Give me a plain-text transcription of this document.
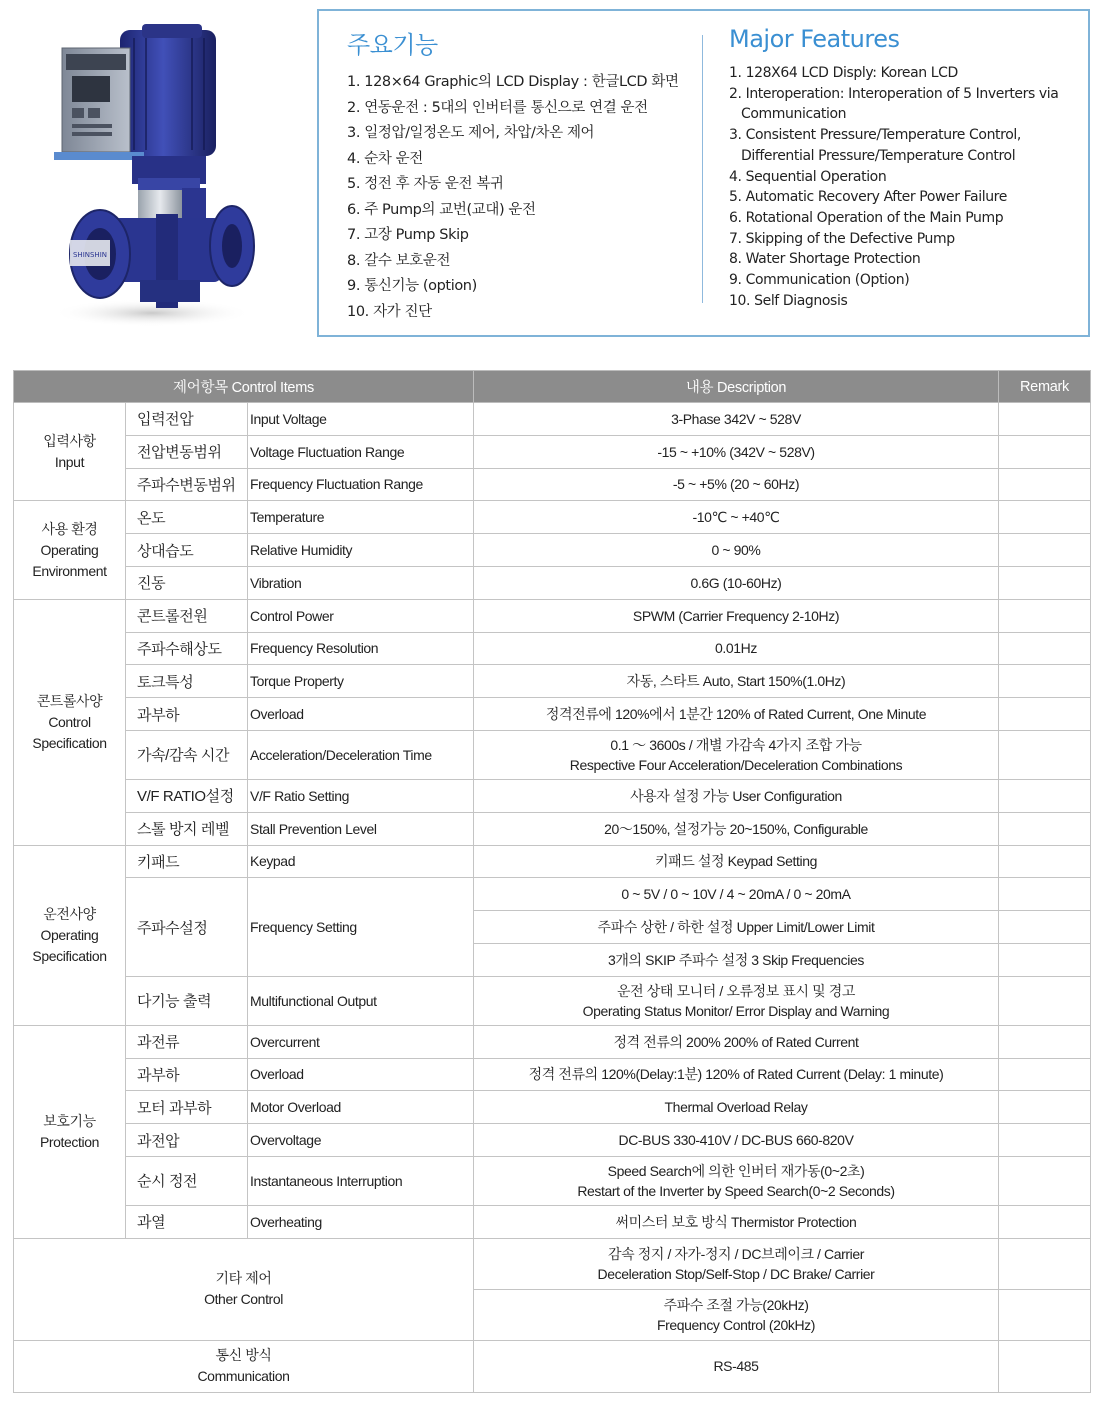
SHINSHIN
주요기능
1. 128×64 Graphic의 LCD Display : 한글LCD 화면
2. 연동운전 : 5대의 인버터를 통신으로 연결 운전
3. 일정압/일정온도 제어, 차압/차온 제어
4. 순차 운전
5. 정전 후 자동 운전 복귀
6. 주 Pump의 교번(교대) 운전
7. 고장 Pump Skip
8. 갈수 보호운전
9. 통신기능 (option)
10. 자가 진단
Major Features
1. 128X64 LCD Disply: Korean LCD
2. Interoperation: Interoperation of 5 Inverters via Communication
3. Consistent Pressure/Temperature Control, Differential Pressure/Temperature Control
4. Sequential Operation
5. Automatic Recovery After Power Failure
6. Rotational Operation of the Main Pump
7. Skipping of the Defective Pump
8. Water Shortage Protection
9. Communication (Option)
10. Self Diagnosis
제어항목 Control Items			내용 Description	Remark

입력사항
Input	입력전압	Input Voltage	3-Phase 342V ~ 528V	
	전압변동범위	Voltage Fluctuation Range	-15 ~ +10% (342V ~ 528V)	
	주파수변동범위	Frequency Fluctuation Range	-5 ~ +5% (20 ~ 60Hz)	

사용 환경
Operating
Environment	온도	Temperature	-10℃ ~ +40℃	
	상대습도	Relative Humidity	0 ~ 90%	
	진동	Vibration	0.6G (10-60Hz)	

콘트롤사양
Control
Specification	콘트롤전원	Control Power	SPWM (Carrier Frequency 2-10Hz)	
	주파수해상도	Frequency Resolution	0.01Hz	
	토크특성	Torque Property	자동, 스타트 Auto, Start 150%(1.0Hz)	
	과부하	Overload	정격전류에 120%에서 1분간 120% of Rated Current, One Minute	
	가속/감속 시간	Acceleration/Deceleration Time	0.1 ～ 3600s / 개별 가감속 4가지 조합 가능
Respective Four Acceleration/Deceleration Combinations	

	V/F RATIO설정	V/F Ratio Setting	사용자 설정 가능 User Configuration	
	스톨 방지 레벨	Stall Prevention Level	20～150%, 설정가능 20~150%, Configurable	

운전사양
Operating
Specification	키패드	Keypad	키패드 설정 Keypad Setting	
	주파수설정	Frequency Setting	0 ~ 5V / 0 ~ 10V / 4 ~ 20mA / 0 ~ 20mA	
			주파수 상한 / 하한 설정 Upper Limit/Lower Limit	
			3개의 SKIP 주파수 설정 3 Skip Frequencies	
	다기능 출력	Multifunctional Output	운전 상태 모니터 / 오류정보 표시 및 경고
Operating Status Monitor/ Error Display and Warning	

보호기능
Protection	과전류	Overcurrent	정격 전류의 200% 200% of Rated Current	
	과부하	Overload	정격 전류의 120%(Delay:1분) 120% of Rated Current (Delay: 1 minute)	
	모터 과부하	Motor Overload	Thermal Overload Relay	
	과전압	Overvoltage	DC-BUS 330-410V / DC-BUS 660-820V	
	순시 정전	Instantaneous Interruption	Speed Search에 의한 인버터 재가동(0~2초)
Restart of the Inverter by Speed Search(0~2 Seconds)	

	과열	Overheating	써미스터 보호 방식 Thermistor Protection	

기타 제어
Other Control			감속 정지 / 자가-정지 / DC브레이크 / Carrier
Deceleration Stop/Self-Stop / DC Brake/ Carrier	

			주파수 조절 가능(20kHz)
Frequency Control (20kHz)	

통신 방식
Communication			RS-485	
